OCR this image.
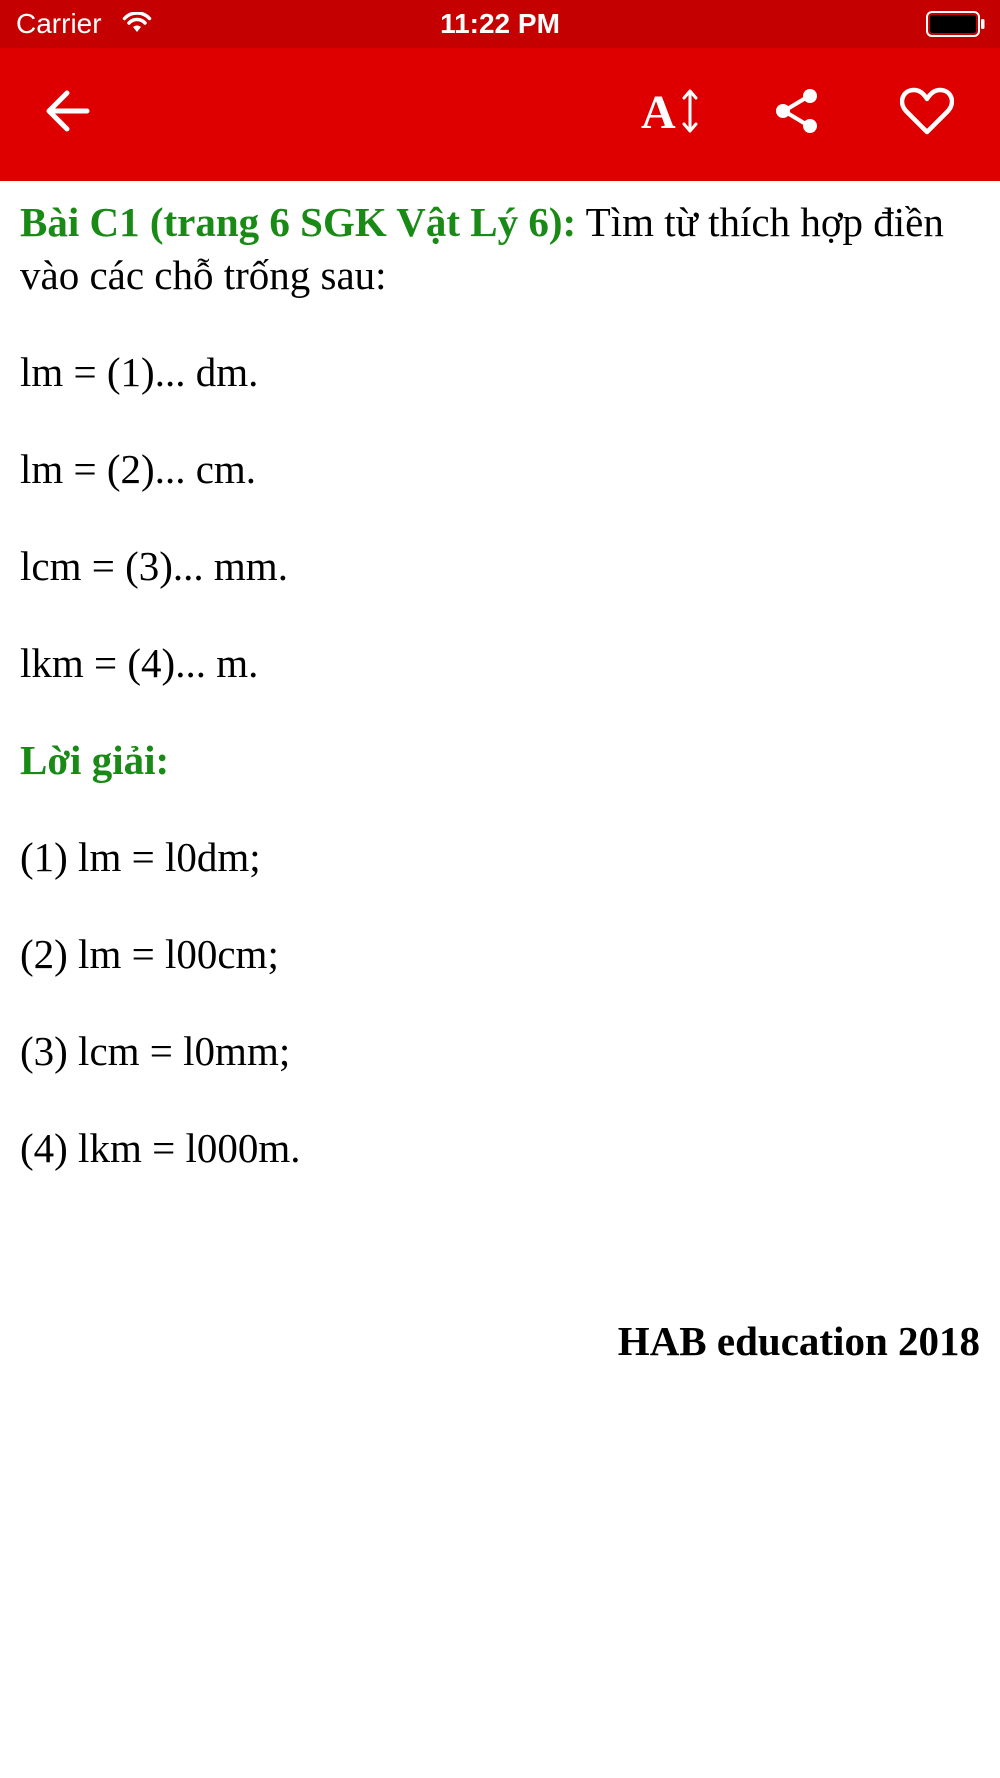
Carrier	11:22 PM
A

Bài C1 (trang 6 SGK Vật Lý 6): Tìm từ thích hợp điền vào các chỗ trống sau:

lm = (1)... dm.

lm = (2)... cm.

lcm = (3)... mm.

lkm = (4)... m.

Lời giải:

(1) lm = l0dm;

(2) lm = l00cm;

(3) lcm = l0mm;

(4) lkm = l000m.

HAB education 2018
